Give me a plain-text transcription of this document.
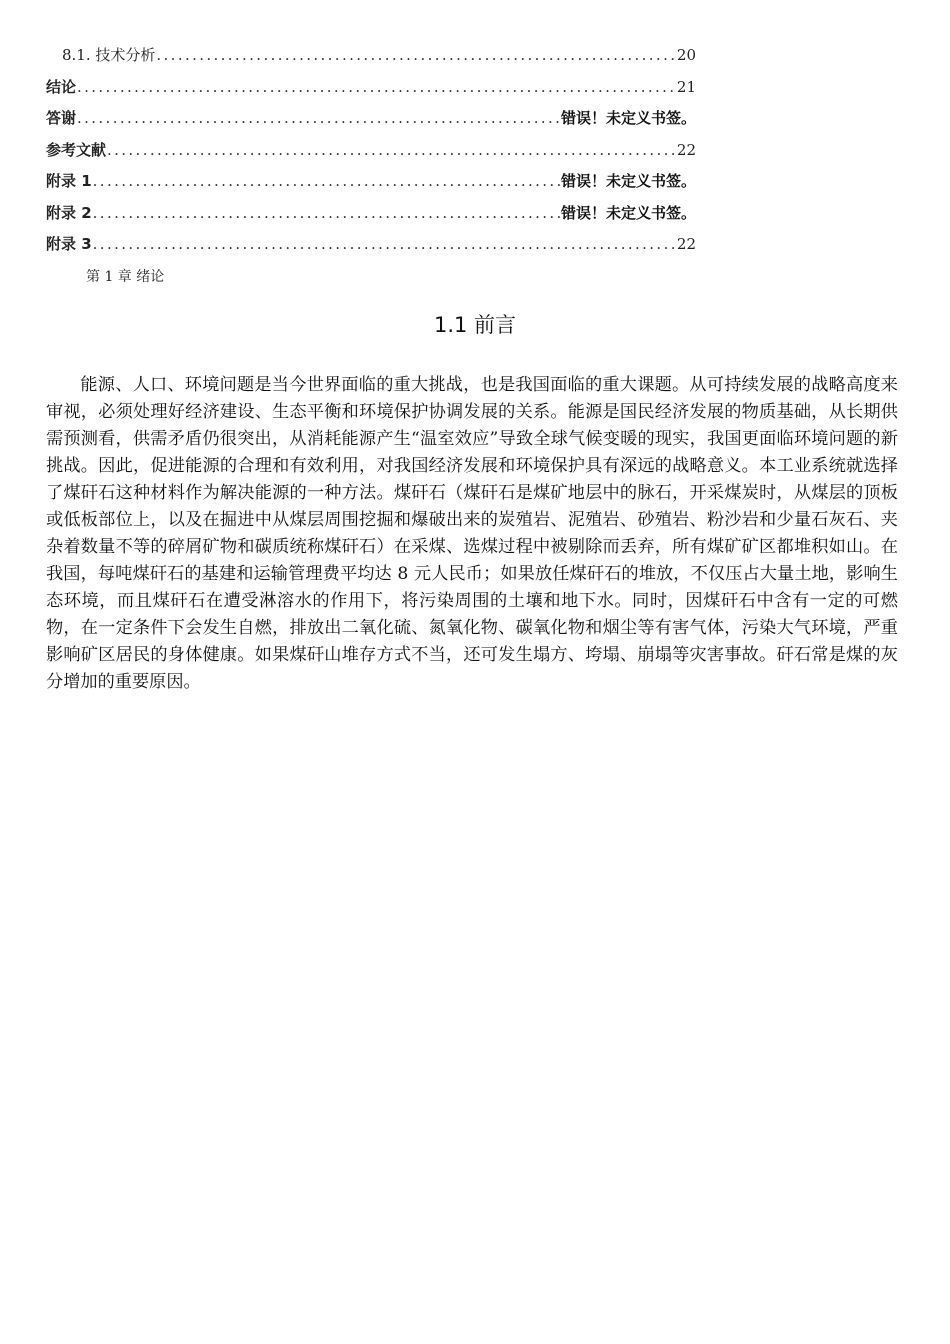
8.1. 技术分析 . . .	20
结论 . . .	21
答谢 . . .	错误！未定义书签。
参考文献 . . .	22
附录 1 . . .	错误！未定义书签。
附录 2 . . .	错误！未定义书签。
附录 3 . . .	22
第 1 章 绪论
1.1 前言

能源、人口、环境问题是当今世界面临的重大挑战，也是我国面临的重大课题。从可持续发展的战略高度来审视，必须处理好经济建设、生态平衡和环境保护协调发展的关系。能源是国民经济发展的物质基础，从长期供需预测看，供需矛盾仍很突出，从消耗能源产生“温室效应”导致全球气候变暖的现实，我国更面临环境问题的新挑战。因此，促进能源的合理和有效利用，对我国经济发展和环境保护具有深远的战略意义。本工业系统就选择了煤矸石这种材料作为解决能源的一种方法。煤矸石（煤矸石是煤矿地层中的脉石，开采煤炭时，从煤层的顶板或低板部位上，以及在掘进中从煤层周围挖掘和爆破出来的炭殖岩、泥殖岩、砂殖岩、粉沙岩和少量石灰石、夹杂着数量不等的碎屑矿物和碳质统称煤矸石）在采煤、选煤过程中被剔除而丢弃，所有煤矿矿区都堆积如山。在我国，每吨煤矸石的基建和运输管理费平均达 8 元人民币；如果放任煤矸石的堆放，不仅压占大量土地，影响生态环境，而且煤矸石在遭受淋溶水的作用下，将污染周围的土壤和地下水。同时，因煤矸石中含有一定的可燃物，在一定条件下会发生自燃，排放出二氧化硫、氮氧化物、碳氧化物和烟尘等有害气体，污染大气环境，严重影响矿区居民的身体健康。如果煤矸山堆存方式不当，还可发生塌方、垮塌、崩塌等灾害事故。矸石常是煤的灰分增加的重要原因。
